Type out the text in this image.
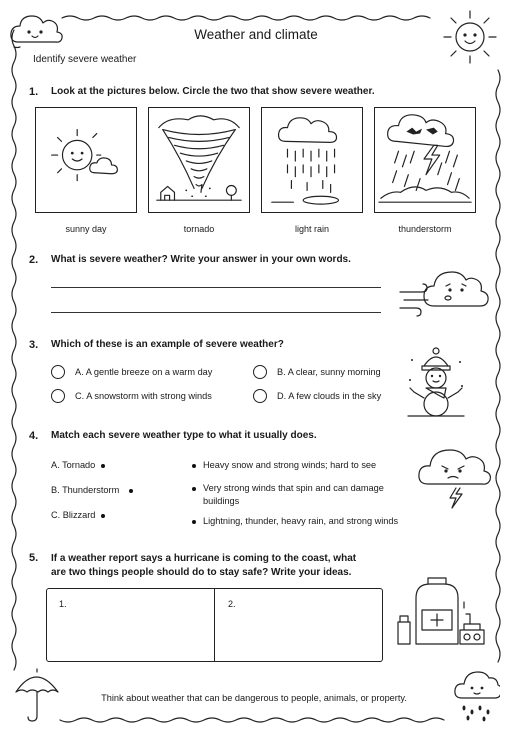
Weather and climate
Identify severe weather
1. Look at the pictures below. Circle the two that show severe weather.
sunny day	tornado	light rain	thunderstorm
2. What is severe weather? Write your answer in your own words.
3. Which of these is an example of severe weather?
A. A gentle breeze on a warm day	B. A clear, sunny morning
C. A snowstorm with strong winds	D. A few clouds in the sky
4. Match each severe weather type to what it usually does.
A. Tornado
B. Thunderstorm
C. Blizzard
Heavy snow and strong winds; hard to see
Very strong winds that spin and can damage buildings
Lightning, thunder, heavy rain, and strong winds
5. If a weather report says a hurricane is coming to the coast, what are two things people should do to stay safe? Write your ideas.
1.	2.
Think about weather that can be dangerous to people, animals, or property.
